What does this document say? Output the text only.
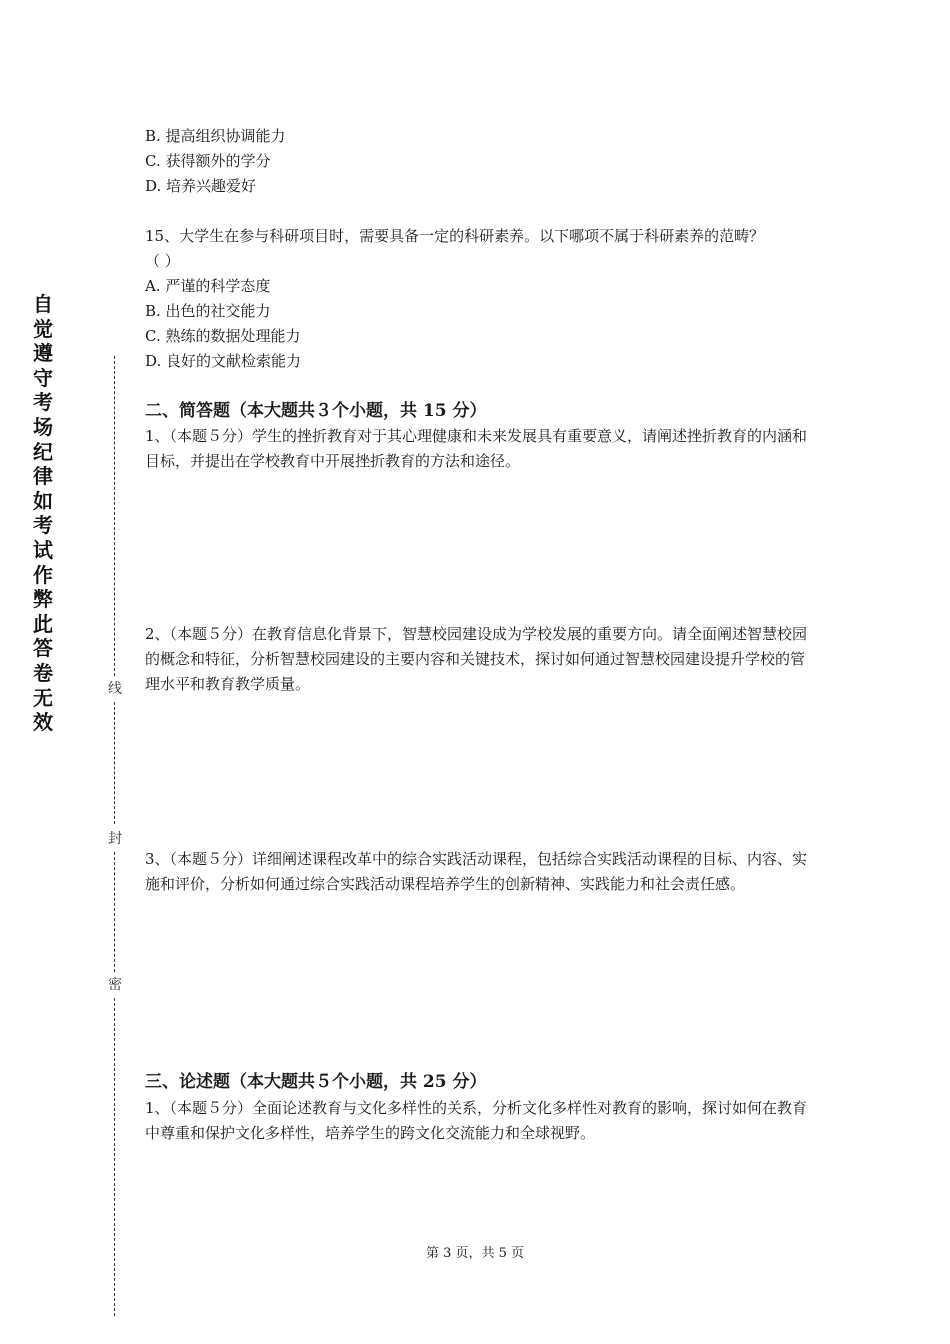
自觉遵守考场纪律如考试作弊此答卷无效
线
封
密

B. 提高组织协调能力

C. 获得额外的学分

D. 培养兴趣爱好

15、大学生在参与科研项目时，需要具备一定的科研素养。以下哪项不属于科研素养的范畴？

（ ）

A. 严谨的科学态度

B. 出色的社交能力

C. 熟练的数据处理能力

D. 良好的文献检索能力

二、简答题（本大题共３个小题，共 15 分）
1、（本题５分）学生的挫折教育对于其心理健康和未来发展具有重要意义，请阐述挫折教育的内涵和目标，并提出在学校教育中开展挫折教育的方法和途径。
2、（本题５分）在教育信息化背景下，智慧校园建设成为学校发展的重要方向。请全面阐述智慧校园的概念和特征，分析智慧校园建设的主要内容和关键技术，探讨如何通过智慧校园建设提升学校的管理水平和教育教学质量。
3、（本题５分）详细阐述课程改革中的综合实践活动课程，包括综合实践活动课程的目标、内容、实施和评价，分析如何通过综合实践活动课程培养学生的创新精神、实践能力和社会责任感。
三、论述题（本大题共５个小题，共 25 分）
1、（本题５分）全面论述教育与文化多样性的关系，分析文化多样性对教育的影响，探讨如何在教育中尊重和保护文化多样性，培养学生的跨文化交流能力和全球视野。
第 3 页，共 5 页
